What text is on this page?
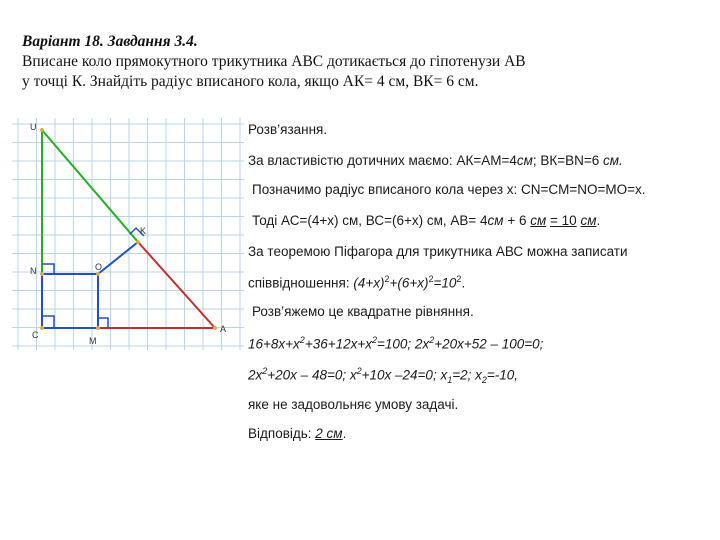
Варіант 18. Завдання 3.4.
Вписане коло прямокутного трикутника АВС дотикається до гіпотенузи АВ
у точці К. Знайдіть радіус вписаного кола, якщо АК= 4 см, ВК= 6 см.
U
K
N	O
C
M
A
Розв’язання.
За властивістю дотичних маємо: АК=АМ=4см; ВК=BN=6 см.
Позначимо радіус вписаного кола через х: CN=CM=NO=MO=х.
Тоді АС=(4+х) см, ВС=(6+х) см, АВ= 4см + 6 см = 10 см.
За теоремою Піфагора для трикутника АВС можна записати
співвідношення: $(4+x)^2+(6+x)^2=10^2$.
Розв’яжемо це квадратне рівняння.
$16+8х+х^2+36+12х+х^2=100$; $2х^2+20х+52 - 100=0$;
$2х^2+20х - 48=0$; $х^2+10х$ –24=0; $х_1=2$; $х_2=-10$,
яке не задовольняє умову задачі.
Відповідь: 2 см.
